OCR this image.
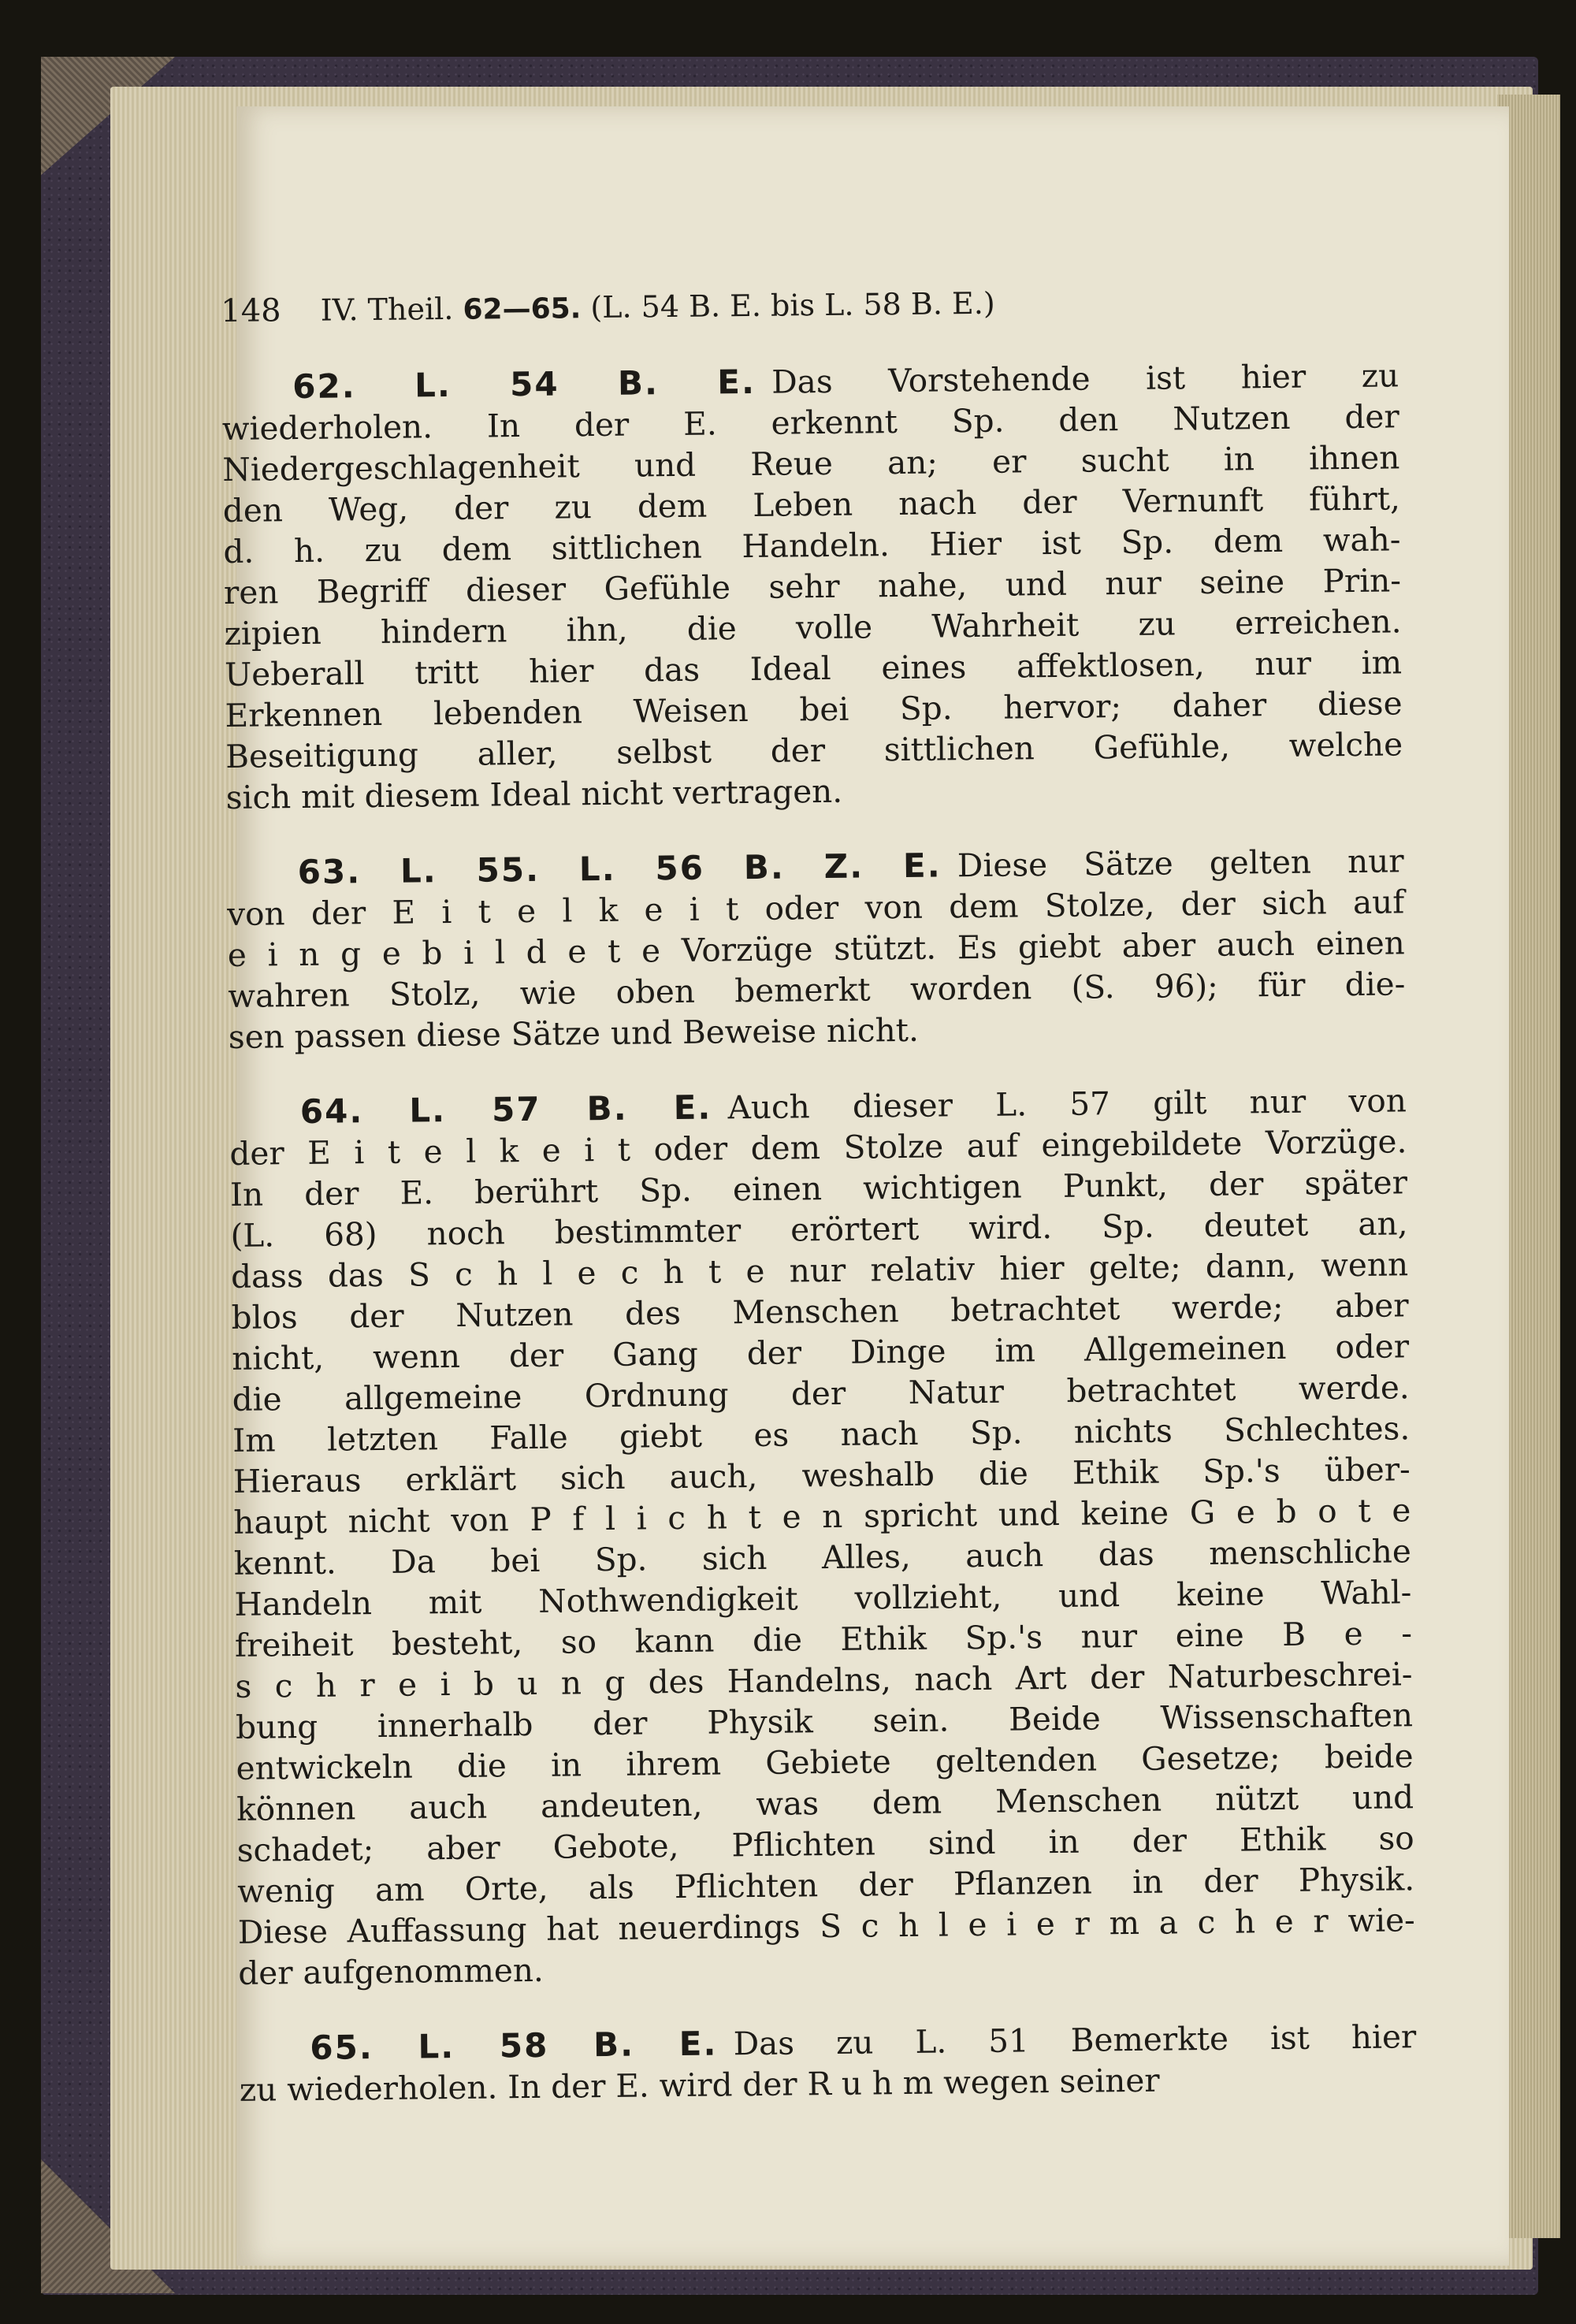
148 IV. Theil. 62—65. (L. 54 B. E. bis L. 58 B. E.)
62. L. 54 B. E.  Das Vorstehende ist hier zu
wiederholen. In der E. erkennt Sp. den Nutzen der
Niedergeschlagenheit und Reue an; er sucht in ihnen
den Weg, der zu dem Leben nach der Vernunft führt,
d. h. zu dem sittlichen Handeln. Hier ist Sp. dem wah-
ren Begriff dieser Gefühle sehr nahe, und nur seine Prin-
zipien hindern ihn, die volle Wahrheit zu erreichen.
Ueberall tritt hier das Ideal eines affektlosen, nur im
Erkennen lebenden Weisen bei Sp. hervor; daher diese
Beseitigung aller, selbst der sittlichen Gefühle, welche
sich mit diesem Ideal nicht vertragen.
63. L. 55. L. 56 B. Z. E.  Diese Sätze gelten nur
von der E i t e l k e i t oder von dem Stolze, der sich auf
e i n g e b i l d e t e Vorzüge stützt. Es giebt aber auch einen
wahren Stolz, wie oben bemerkt worden (S. 96); für die-
sen passen diese Sätze und Beweise nicht.
64. L. 57 B. E.  Auch dieser L. 57 gilt nur von
der E i t e l k e i t oder dem Stolze auf eingebildete Vorzüge.
In der E. berührt Sp. einen wichtigen Punkt, der später
(L. 68) noch bestimmter erörtert wird. Sp. deutet an,
dass das S c h l e c h t e nur relativ hier gelte; dann, wenn
blos der Nutzen des Menschen betrachtet werde; aber
nicht, wenn der Gang der Dinge im Allgemeinen oder
die allgemeine Ordnung der Natur betrachtet werde.
Im letzten Falle giebt es nach Sp. nichts Schlechtes.
Hieraus erklärt sich auch, weshalb die Ethik Sp.'s über-
haupt nicht von P f l i c h t e n spricht und keine G e b o t e
kennt. Da bei Sp. sich Alles, auch das menschliche
Handeln mit Nothwendigkeit vollzieht, und keine Wahl-
freiheit besteht, so kann die Ethik Sp.'s nur eine B e -
s c h r e i b u n g des Handelns, nach Art der Naturbeschrei-
bung innerhalb der Physik sein. Beide Wissenschaften
entwickeln die in ihrem Gebiete geltenden Gesetze; beide
können auch andeuten, was dem Menschen nützt und
schadet; aber Gebote, Pflichten sind in der Ethik so
wenig am Orte, als Pflichten der Pflanzen in der Physik.
Diese Auffassung hat neuerdings S c h l e i e r m a c h e r wie-
der aufgenommen.
65. L. 58 B. E.  Das zu L. 51 Bemerkte ist hier
zu wiederholen. In der E. wird der R u h m wegen seiner
